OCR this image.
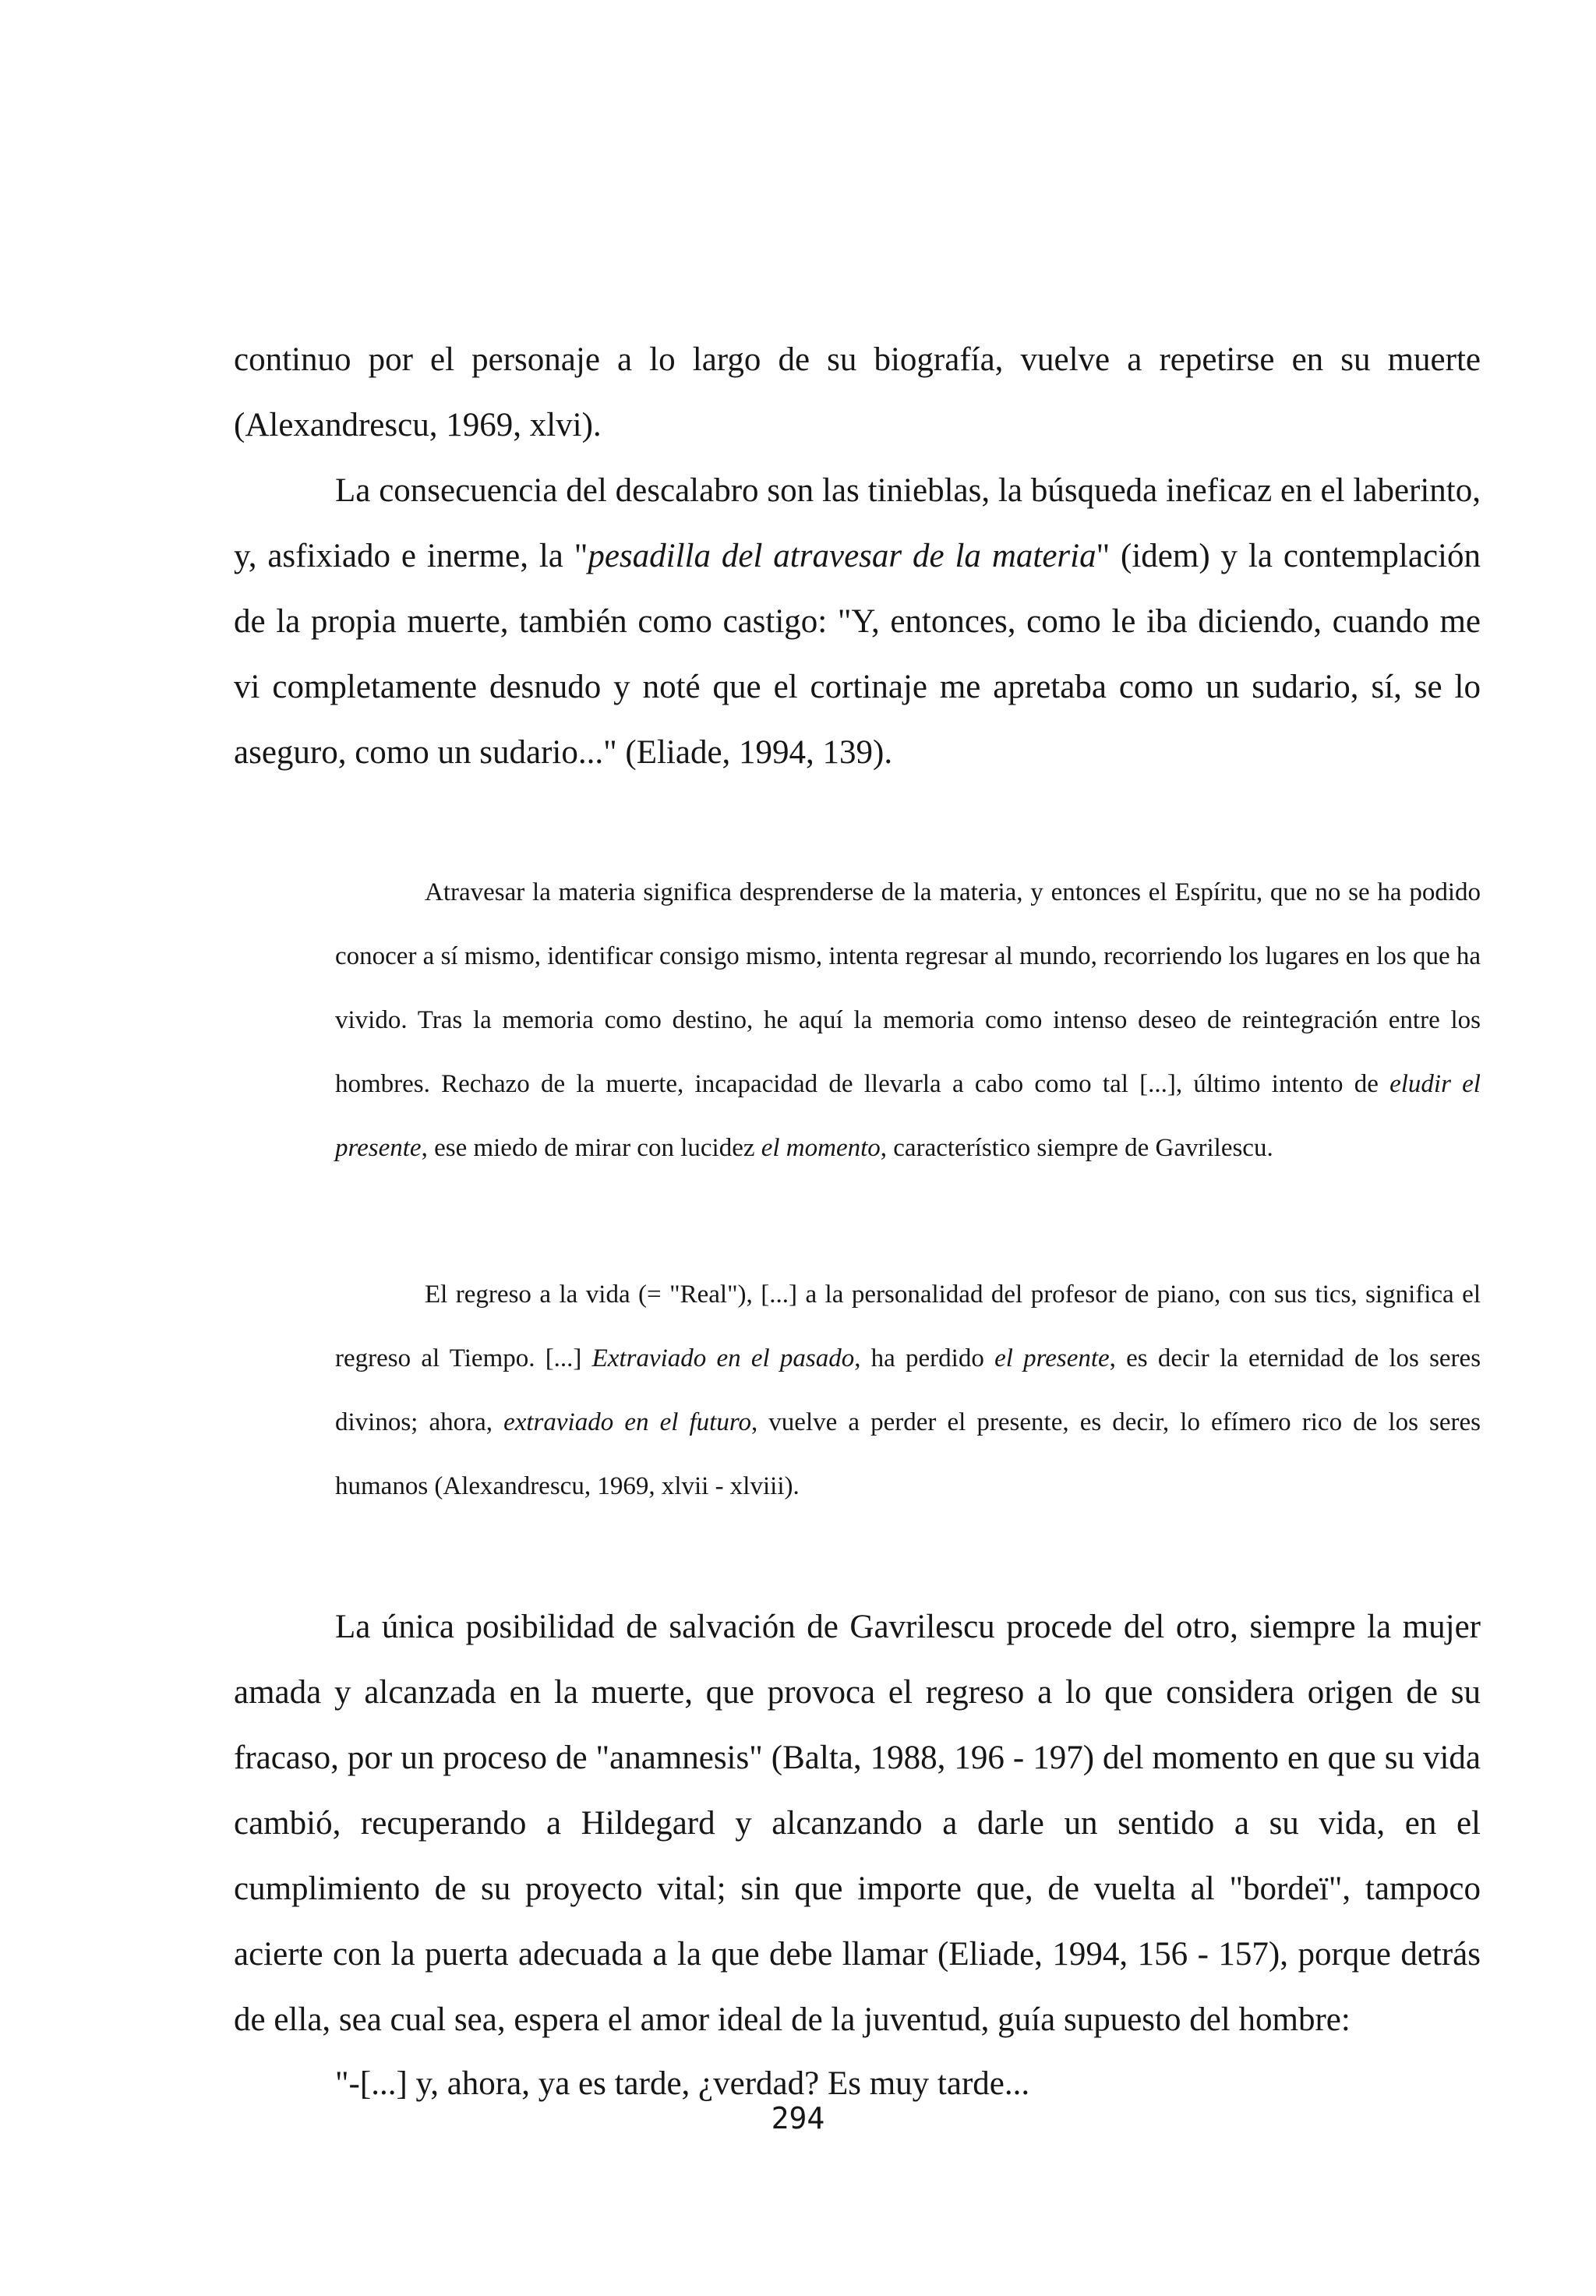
continuo por el personaje a lo largo de su biografía, vuelve a repetirse en su muerte (Alexandrescu, 1969, xlvi).

La consecuencia del descalabro son las tinieblas, la búsqueda ineficaz en el laberinto, y, asfixiado e inerme, la "pesadilla del atravesar de la materia" (idem) y la contemplación de la propia muerte, también como castigo: "Y, entonces, como le iba diciendo, cuando me vi completamente desnudo y noté que el cortinaje me apretaba como un sudario, sí, se lo aseguro, como un sudario..." (Eliade, 1994, 139).

Atravesar la materia significa desprenderse de la materia, y entonces el Espíritu, que no se ha podido conocer a sí mismo, identificar consigo mismo, intenta regresar al mundo, recorriendo los lugares en los que ha vivido. Tras la memoria como destino, he aquí la memoria como intenso deseo de reintegración entre los hombres. Rechazo de la muerte, incapacidad de llevarla a cabo como tal [...], último intento de eludir el presente, ese miedo de mirar con lucidez el momento, característico siempre de Gavrilescu.

El regreso a la vida (= "Real"), [...] a la personalidad del profesor de piano, con sus tics, significa el regreso al Tiempo. [...] Extraviado en el pasado, ha perdido el presente, es decir la eternidad de los seres divinos; ahora, extraviado en el futuro, vuelve a perder el presente, es decir, lo efímero rico de los seres humanos (Alexandrescu, 1969, xlvii - xlviii).

La única posibilidad de salvación de Gavrilescu procede del otro, siempre la mujer amada y alcanzada en la muerte, que provoca el regreso a lo que considera origen de su fracaso, por un proceso de "anamnesis" (Balta, 1988, 196 - 197) del momento en que su vida cambió, recuperando a Hildegard y alcanzando a darle un sentido a su vida, en el cumplimiento de su proyecto vital; sin que importe que, de vuelta al "bordeï", tampoco acierte con la puerta adecuada a la que debe llamar (Eliade, 1994, 156 - 157), porque detrás de ella, sea cual sea, espera el amor ideal de la juventud, guía supuesto del hombre:

"-[...] y, ahora, ya es tarde, ¿verdad? Es muy tarde...

294
